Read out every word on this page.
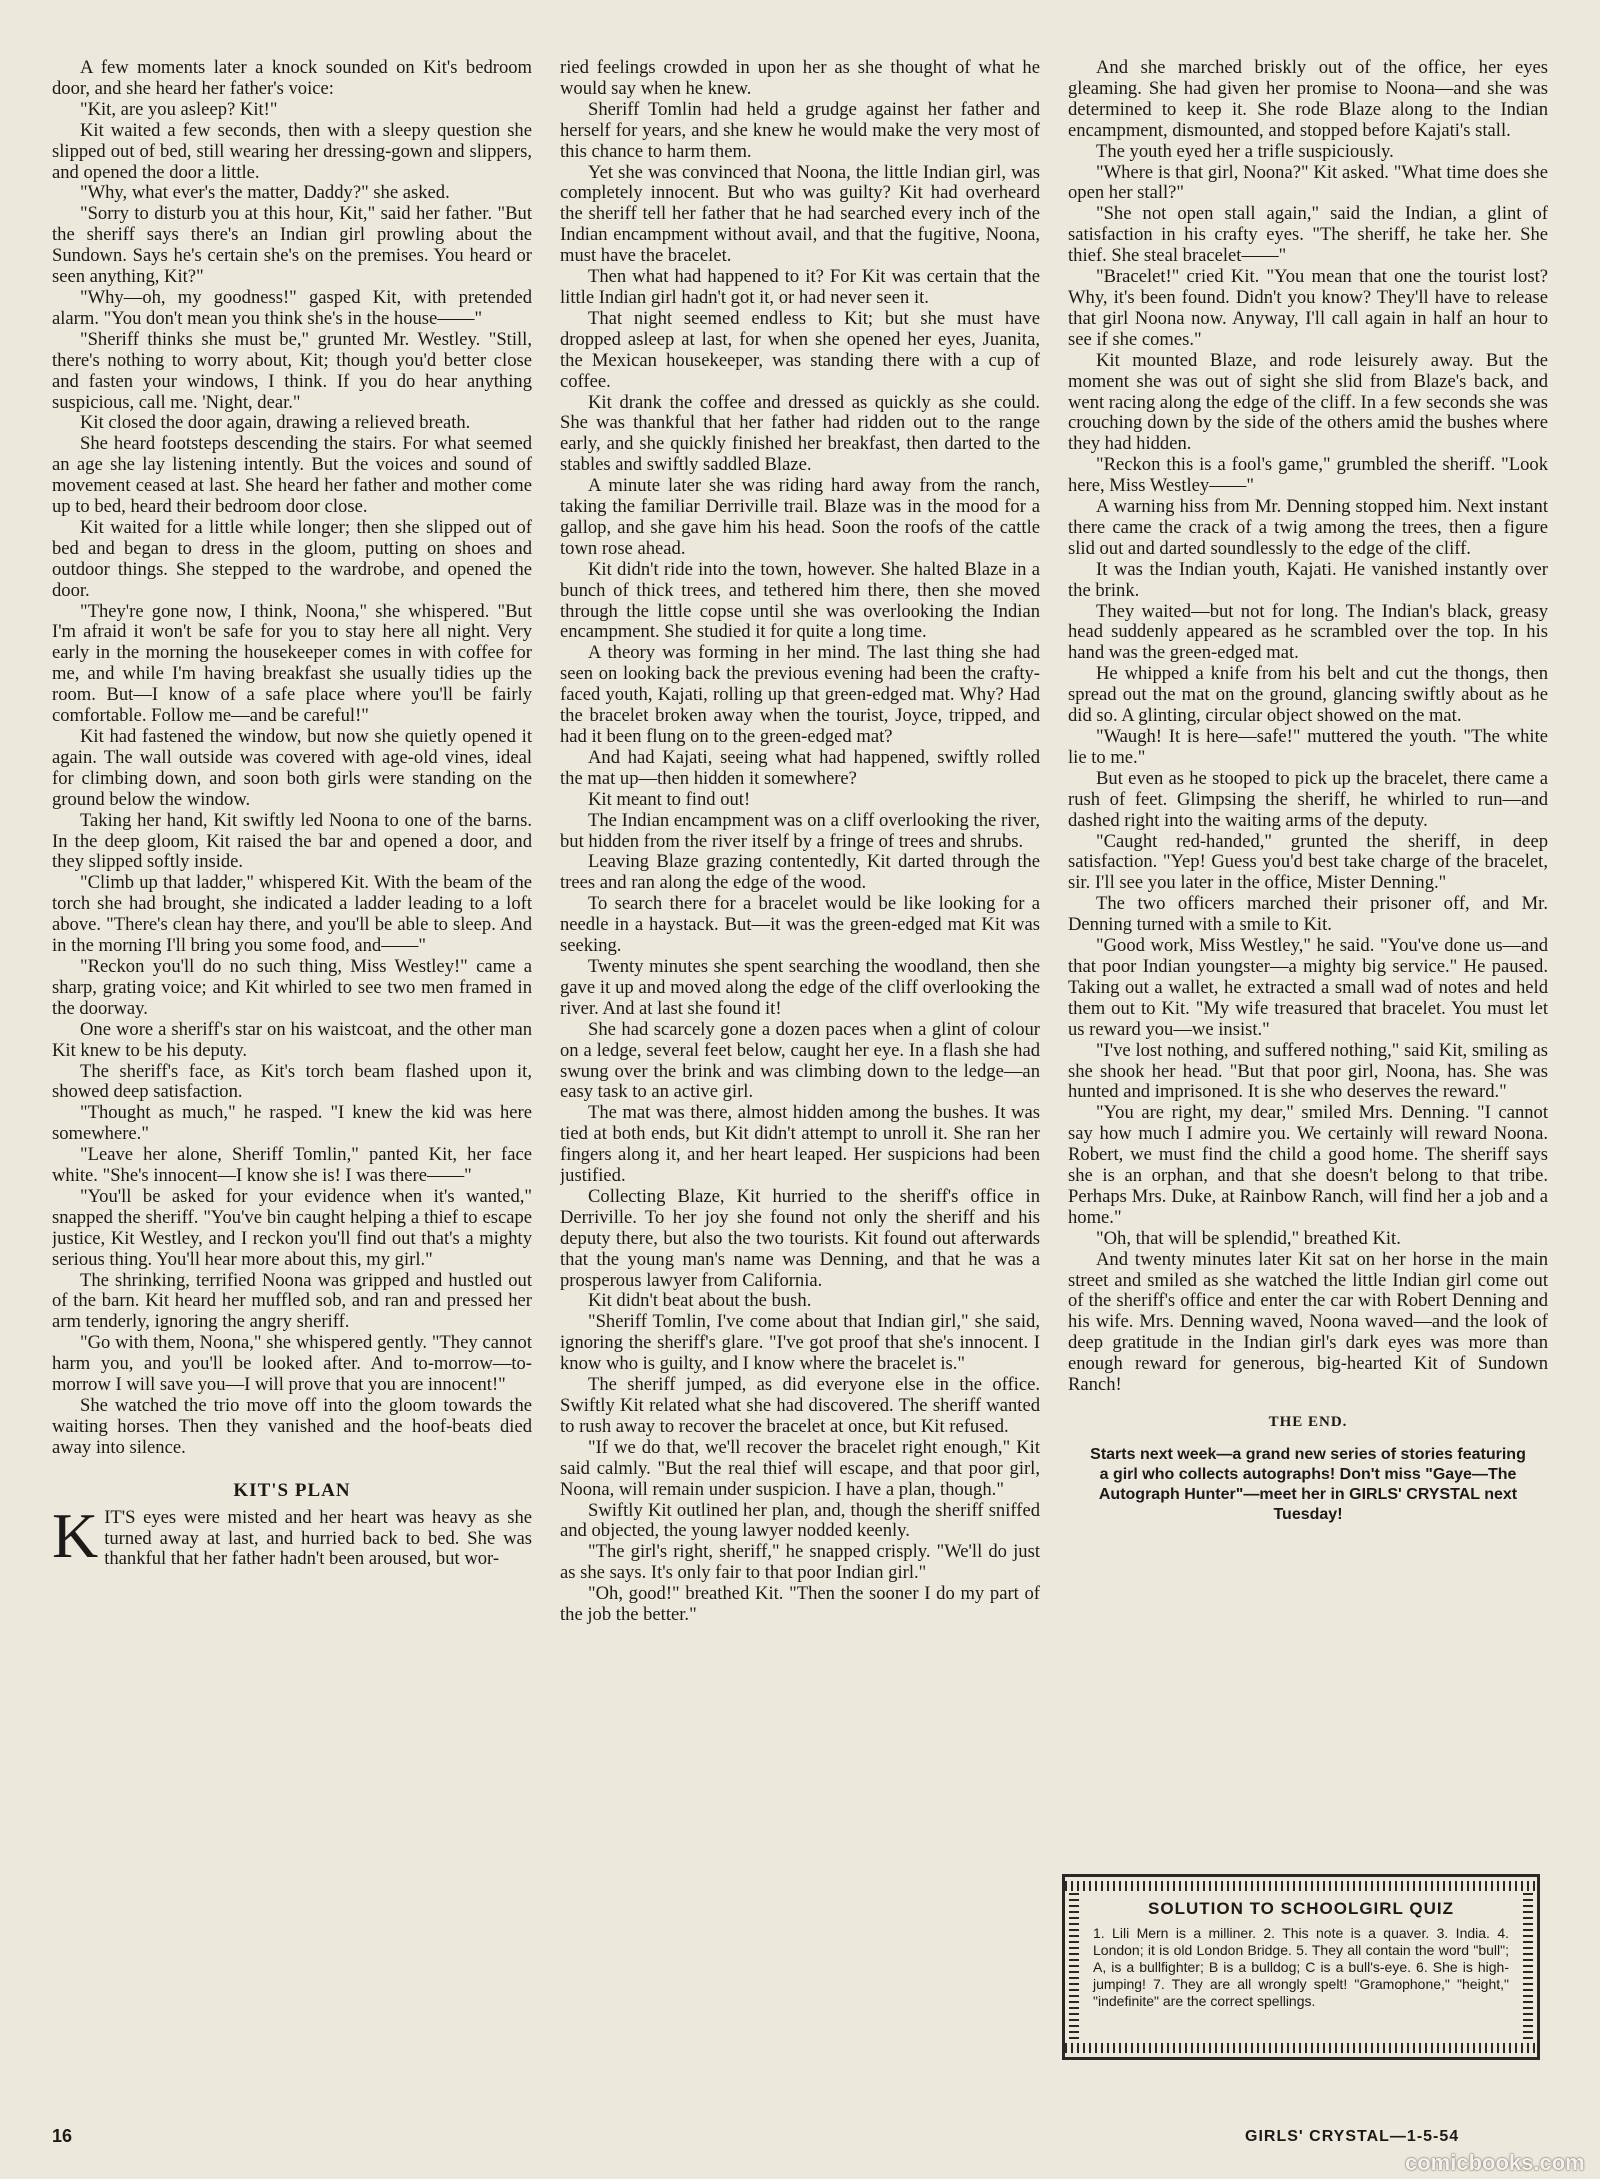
A few moments later a knock sounded on Kit's bedroom door, and she heard her father's voice:

"Kit, are you asleep? Kit!"

Kit waited a few seconds, then with a sleepy question she slipped out of bed, still wearing her dressing-gown and slippers, and opened the door a little.

"Why, what ever's the matter, Daddy?" she asked.

"Sorry to disturb you at this hour, Kit," said her father. "But the sheriff says there's an Indian girl prowling about the Sundown. Says he's certain she's on the premises. You heard or seen anything, Kit?"

"Why—oh, my goodness!" gasped Kit, with pretended alarm. "You don't mean you think she's in the house——"

"Sheriff thinks she must be," grunted Mr. Westley. "Still, there's nothing to worry about, Kit; though you'd better close and fasten your windows, I think. If you do hear anything suspicious, call me. 'Night, dear."

Kit closed the door again, drawing a relieved breath.

She heard footsteps descending the stairs. For what seemed an age she lay listening intently. But the voices and sound of movement ceased at last. She heard her father and mother come up to bed, heard their bedroom door close.

Kit waited for a little while longer; then she slipped out of bed and began to dress in the gloom, putting on shoes and outdoor things. She stepped to the wardrobe, and opened the door.

"They're gone now, I think, Noona," she whispered. "But I'm afraid it won't be safe for you to stay here all night. Very early in the morning the housekeeper comes in with coffee for me, and while I'm having breakfast she usually tidies up the room. But—I know of a safe place where you'll be fairly comfortable. Follow me—and be careful!"

Kit had fastened the window, but now she quietly opened it again. The wall outside was covered with age-old vines, ideal for climbing down, and soon both girls were standing on the ground below the window.

Taking her hand, Kit swiftly led Noona to one of the barns. In the deep gloom, Kit raised the bar and opened a door, and they slipped softly inside.

"Climb up that ladder," whispered Kit. With the beam of the torch she had brought, she indicated a ladder leading to a loft above. "There's clean hay there, and you'll be able to sleep. And in the morning I'll bring you some food, and——"

"Reckon you'll do no such thing, Miss Westley!" came a sharp, grating voice; and Kit whirled to see two men framed in the doorway.

One wore a sheriff's star on his waistcoat, and the other man Kit knew to be his deputy.

The sheriff's face, as Kit's torch beam flashed upon it, showed deep satisfaction.

"Thought as much," he rasped. "I knew the kid was here somewhere."

"Leave her alone, Sheriff Tomlin," panted Kit, her face white. "She's innocent—I know she is! I was there——"

"You'll be asked for your evidence when it's wanted," snapped the sheriff. "You've bin caught helping a thief to escape justice, Kit Westley, and I reckon you'll find out that's a mighty serious thing. You'll hear more about this, my girl."

The shrinking, terrified Noona was gripped and hustled out of the barn. Kit heard her muffled sob, and ran and pressed her arm tenderly, ignoring the angry sheriff.

"Go with them, Noona," she whispered gently. "They cannot harm you, and you'll be looked after. And to-morrow—to-morrow I will save you—I will prove that you are innocent!"

She watched the trio move off into the gloom towards the waiting horses. Then they vanished and the hoof-beats died away into silence.

KIT'S PLAN

KIT'S eyes were misted and her heart was heavy as she turned away at last, and hurried back to bed. She was thankful that her father hadn't been aroused, but wor-

ried feelings crowded in upon her as she thought of what he would say when he knew.

Sheriff Tomlin had held a grudge against her father and herself for years, and she knew he would make the very most of this chance to harm them.

Yet she was convinced that Noona, the little Indian girl, was completely innocent. But who was guilty? Kit had overheard the sheriff tell her father that he had searched every inch of the Indian encampment without avail, and that the fugitive, Noona, must have the bracelet.

Then what had happened to it? For Kit was certain that the little Indian girl hadn't got it, or had never seen it.

That night seemed endless to Kit; but she must have dropped asleep at last, for when she opened her eyes, Juanita, the Mexican housekeeper, was standing there with a cup of coffee.

Kit drank the coffee and dressed as quickly as she could. She was thankful that her father had ridden out to the range early, and she quickly finished her breakfast, then darted to the stables and swiftly saddled Blaze.

A minute later she was riding hard away from the ranch, taking the familiar Derriville trail. Blaze was in the mood for a gallop, and she gave him his head. Soon the roofs of the cattle town rose ahead.

Kit didn't ride into the town, however. She halted Blaze in a bunch of thick trees, and tethered him there, then she moved through the little copse until she was overlooking the Indian encampment. She studied it for quite a long time.

A theory was forming in her mind. The last thing she had seen on looking back the previous evening had been the crafty-faced youth, Kajati, rolling up that green-edged mat. Why? Had the bracelet broken away when the tourist, Joyce, tripped, and had it been flung on to the green-edged mat?

And had Kajati, seeing what had happened, swiftly rolled the mat up—then hidden it somewhere?

Kit meant to find out!

The Indian encampment was on a cliff overlooking the river, but hidden from the river itself by a fringe of trees and shrubs.

Leaving Blaze grazing contentedly, Kit darted through the trees and ran along the edge of the wood.

To search there for a bracelet would be like looking for a needle in a haystack. But—it was the green-edged mat Kit was seeking.

Twenty minutes she spent searching the woodland, then she gave it up and moved along the edge of the cliff overlooking the river. And at last she found it!

She had scarcely gone a dozen paces when a glint of colour on a ledge, several feet below, caught her eye. In a flash she had swung over the brink and was climbing down to the ledge—an easy task to an active girl.

The mat was there, almost hidden among the bushes. It was tied at both ends, but Kit didn't attempt to unroll it. She ran her fingers along it, and her heart leaped. Her suspicions had been justified.

Collecting Blaze, Kit hurried to the sheriff's office in Derriville. To her joy she found not only the sheriff and his deputy there, but also the two tourists. Kit found out afterwards that the young man's name was Denning, and that he was a prosperous lawyer from California.

Kit didn't beat about the bush.

"Sheriff Tomlin, I've come about that Indian girl," she said, ignoring the sheriff's glare. "I've got proof that she's innocent. I know who is guilty, and I know where the bracelet is."

The sheriff jumped, as did everyone else in the office. Swiftly Kit related what she had discovered. The sheriff wanted to rush away to recover the bracelet at once, but Kit refused.

"If we do that, we'll recover the bracelet right enough," Kit said calmly. "But the real thief will escape, and that poor girl, Noona, will remain under suspicion. I have a plan, though."

Swiftly Kit outlined her plan, and, though the sheriff sniffed and objected, the young lawyer nodded keenly.

"The girl's right, sheriff," he snapped crisply. "We'll do just as she says. It's only fair to that poor Indian girl."

"Oh, good!" breathed Kit. "Then the sooner I do my part of the job the better."

And she marched briskly out of the office, her eyes gleaming. She had given her promise to Noona—and she was determined to keep it. She rode Blaze along to the Indian encampment, dismounted, and stopped before Kajati's stall.

The youth eyed her a trifle suspiciously.

"Where is that girl, Noona?" Kit asked. "What time does she open her stall?"

"She not open stall again," said the Indian, a glint of satisfaction in his crafty eyes. "The sheriff, he take her. She thief. She steal bracelet——"

"Bracelet!" cried Kit. "You mean that one the tourist lost? Why, it's been found. Didn't you know? They'll have to release that girl Noona now. Anyway, I'll call again in half an hour to see if she comes."

Kit mounted Blaze, and rode leisurely away. But the moment she was out of sight she slid from Blaze's back, and went racing along the edge of the cliff. In a few seconds she was crouching down by the side of the others amid the bushes where they had hidden.

"Reckon this is a fool's game," grumbled the sheriff. "Look here, Miss Westley——"

A warning hiss from Mr. Denning stopped him. Next instant there came the crack of a twig among the trees, then a figure slid out and darted soundlessly to the edge of the cliff.

It was the Indian youth, Kajati. He vanished instantly over the brink.

They waited—but not for long. The Indian's black, greasy head suddenly appeared as he scrambled over the top. In his hand was the green-edged mat.

He whipped a knife from his belt and cut the thongs, then spread out the mat on the ground, glancing swiftly about as he did so. A glinting, circular object showed on the mat.

"Waugh! It is here—safe!" muttered the youth. "The white lie to me."

But even as he stooped to pick up the bracelet, there came a rush of feet. Glimpsing the sheriff, he whirled to run—and dashed right into the waiting arms of the deputy.

"Caught red-handed," grunted the sheriff, in deep satisfaction. "Yep! Guess you'd best take charge of the bracelet, sir. I'll see you later in the office, Mister Denning."

The two officers marched their prisoner off, and Mr. Denning turned with a smile to Kit.

"Good work, Miss Westley," he said. "You've done us—and that poor Indian youngster—a mighty big service." He paused. Taking out a wallet, he extracted a small wad of notes and held them out to Kit. "My wife treasured that bracelet. You must let us reward you—we insist."

"I've lost nothing, and suffered nothing," said Kit, smiling as she shook her head. "But that poor girl, Noona, has. She was hunted and imprisoned. It is she who deserves the reward."

"You are right, my dear," smiled Mrs. Denning. "I cannot say how much I admire you. We certainly will reward Noona. Robert, we must find the child a good home. The sheriff says she is an orphan, and that she doesn't belong to that tribe. Perhaps Mrs. Duke, at Rainbow Ranch, will find her a job and a home."

"Oh, that will be splendid," breathed Kit.

And twenty minutes later Kit sat on her horse in the main street and smiled as she watched the little Indian girl come out of the sheriff's office and enter the car with Robert Denning and his wife. Mrs. Denning waved, Noona waved—and the look of deep gratitude in the Indian girl's dark eyes was more than enough reward for generous, big-hearted Kit of Sundown Ranch!

THE END.
Starts next week—a grand new series of stories featuring a girl who collects autographs! Don't miss "Gaye—The Autograph Hunter"—meet her in GIRLS' CRYSTAL next Tuesday!
SOLUTION TO SCHOOLGIRL QUIZ
1. Lili Mern is a milliner. 2. This note is a quaver. 3. India. 4. London; it is old London Bridge. 5. They all contain the word "bull"; A, is a bullfighter; B is a bulldog; C is a bull's-eye. 6. She is high-jumping! 7. They are all wrongly spelt! "Gramophone," "height," "indefinite" are the correct spellings.
16	GIRLS' CRYSTAL—1-5-54
comicbooks.com
